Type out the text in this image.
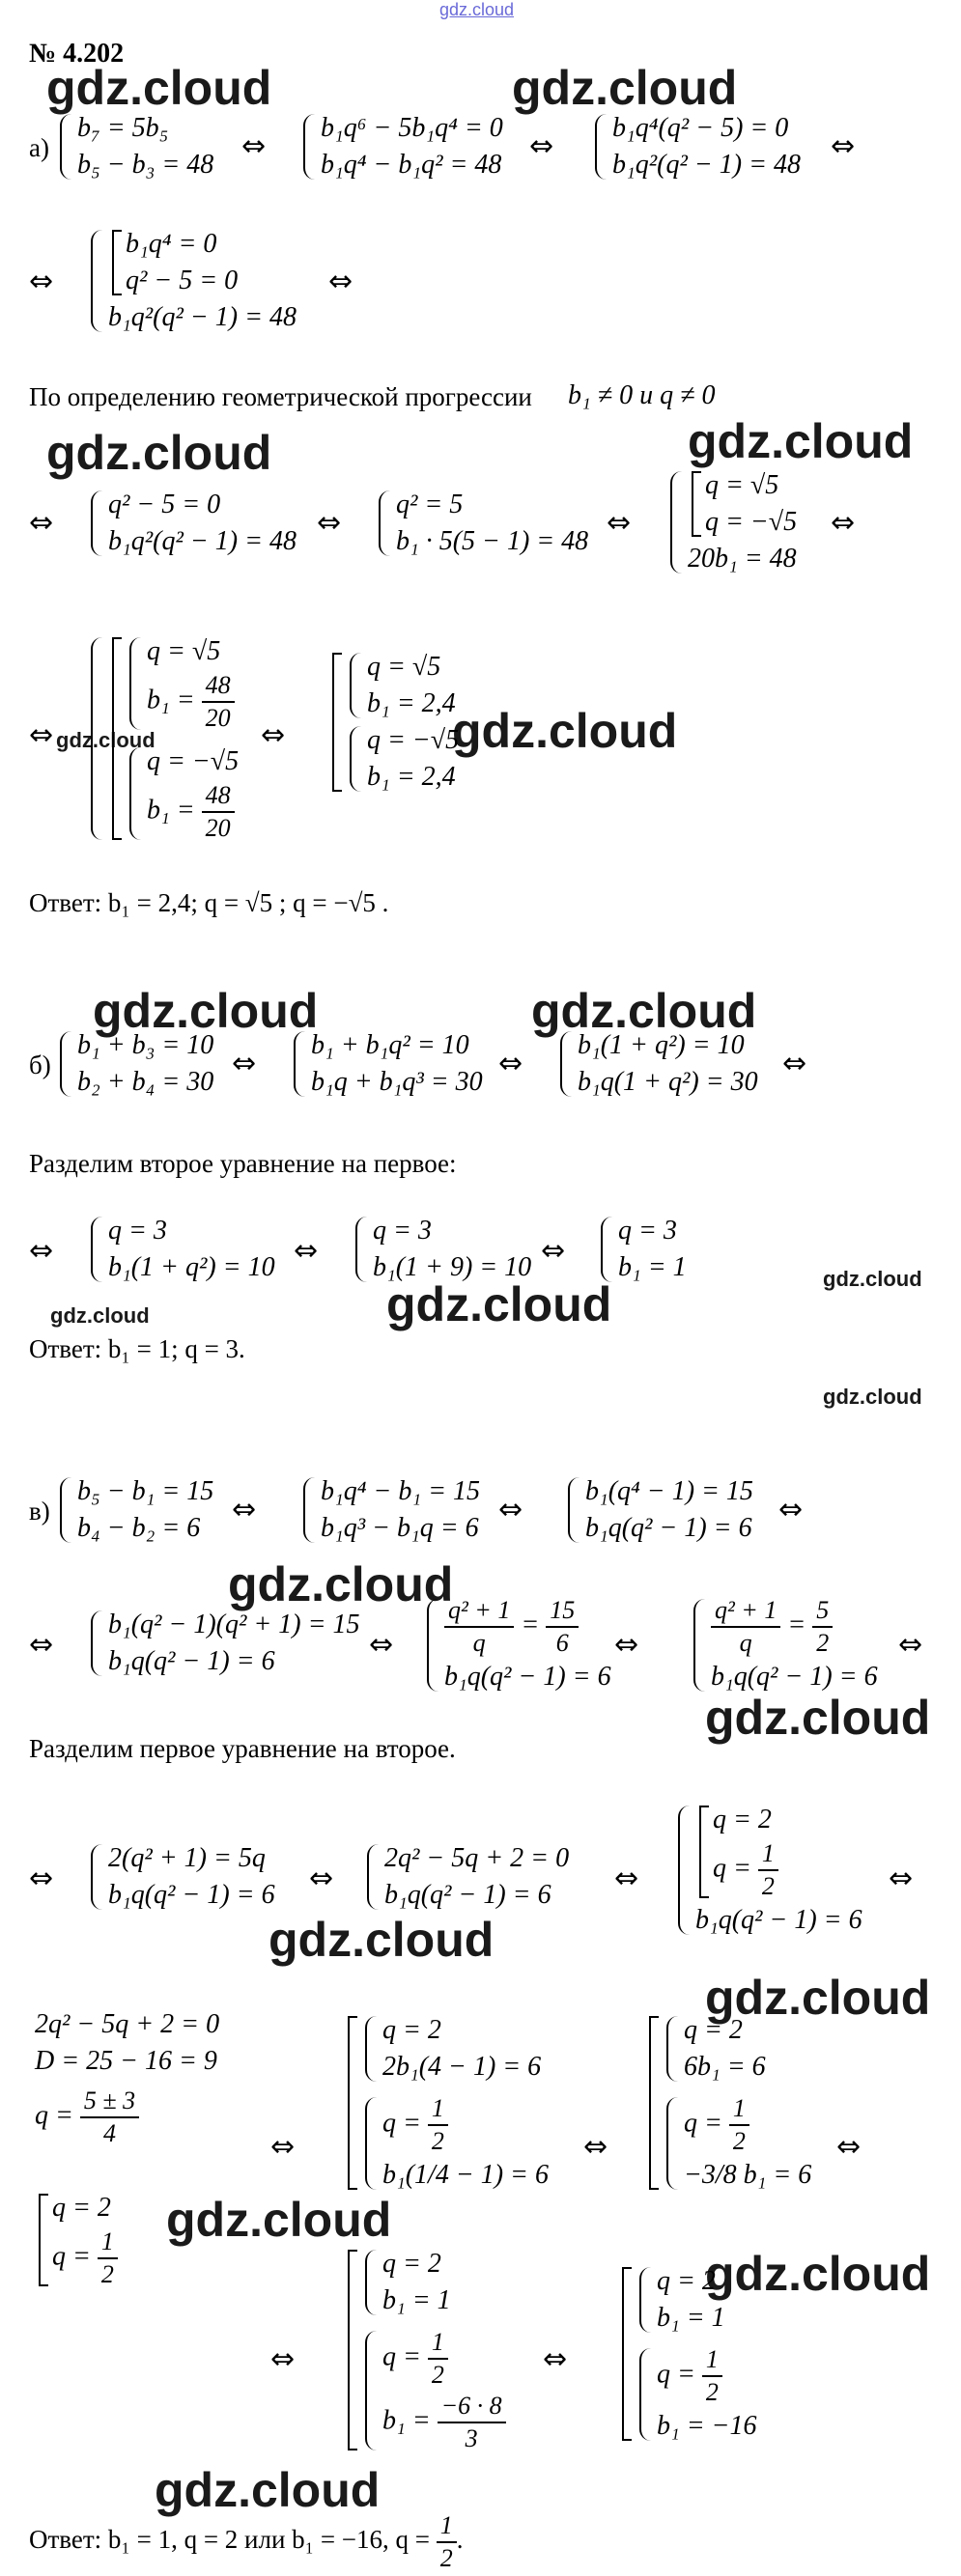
gdz.cloud
№ 4.202
gdz.cloud	gdz.cloud
gdz.cloud	gdz.cloud
gdz.cloud
gdz.cloud
gdz.cloud	gdz.cloud
gdz.cloud	gdz.cloud
gdz.cloud
gdz.cloud
gdz.cloud
gdz.cloud
gdz.cloud
gdz.cloud
gdz.cloud
gdz.cloud
gdz.cloud
а)
b₇ = 5b₅
b₅ − b₃ = 48
⇔
b₁q⁶ − 5b₁q⁴ = 0
b₁q⁴ − b₁q² = 48
⇔
b₁q⁴(q² − 5) = 0
b₁q²(q² − 1) = 48
⇔
⇔
b₁q⁴ = 0
q² − 5 = 0
b₁q²(q² − 1) = 48
⇔
По определению геометрической прогрессии b₁ ≠ 0 и q ≠ 0
⇔
q² − 5 = 0
b₁q²(q² − 1) = 48
⇔
q² = 5
b₁ · 5(5 − 1) = 48
⇔
q = √5
q = −√5
20b₁ = 48
⇔
⇔
q = √5
$b_1 = \frac{48}{20}$
q = −√5
$b_1 = \frac{48}{20}$
⇔
q = √5
b₁ = 2,4
q = −√5
b₁ = 2,4
Ответ: b₁ = 2,4; q = √5 ; q = −√5 .
б)
b₁ + b₃ = 10
b₂ + b₄ = 30
⇔
b₁ + b₁q² = 10
b₁q + b₁q³ = 30
⇔
b₁(1 + q²) = 10
b₁q(1 + q²) = 30
⇔
Разделим второе уравнение на первое:
⇔
q = 3
b₁(1 + q²) = 10 ⇔
q = 3
b₁(1 + 9) = 10 ⇔
q = 3
b₁ = 1
Ответ: b₁ = 1; q = 3.
в)
b₅ − b₁ = 15
b₄ − b₂ = 6
⇔
b₁q⁴ − b₁ = 15
b₁q³ − b₁q = 6
⇔
b₁(q⁴ − 1) = 15
b₁q(q² − 1) = 6
⇔
⇔
b₁(q² − 1)(q² + 1) = 15
b₁q(q² − 1) = 6	⇔ $\frac{\text{q² + 1}}{q} = \frac{15}{6}$
b₁q(q² − 1) = 6
⇔	$\frac{\text{q² + 1}}{q} = \frac{5}{2}$
b₁q(q² − 1) = 6
⇔
Разделим первое уравнение на второе.
⇔
2(q² + 1) = 5q
b₁q(q² − 1) = 6 ⇔
2q² − 5q + 2 = 0
b₁q(q² − 1) = 6	⇔
q = 2
$q = \frac{1}{2}$
b₁q(q² − 1) = 6
⇔
2q² − 5q + 2 = 0
D = 25 − 16 = 9
$q = \frac{5 \pm 3}{4}$
q = 2
$q = \frac{1}{2}$
⇔
q = 2
2b₁(4 − 1) = 6
$q = \frac{1}{2}$
b₁(1/4 − 1) = 6
⇔
q = 2
6b₁ = 6
$q = \frac{1}{2}$
−3/8 b₁ = 6
⇔
⇔
q = 2
b₁ = 1
$q = \frac{1}{2}$
$b_1 = \frac{-6 \cdot 8}{3}$
⇔
q = 2
b₁ = 1
$q = \frac{1}{2}$
b₁ = −16
Ответ: b₁ = 1, q = 2 или b₁ = −16, $q = \frac{1}{2}$ .
